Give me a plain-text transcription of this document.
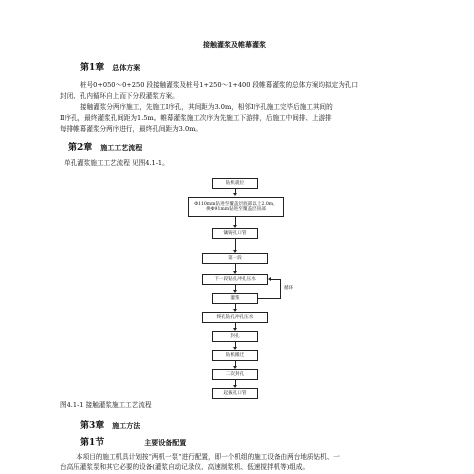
接触灌浆及帷幕灌浆
第1章 总体方案
桩号0+050～0+250 段接触灌浆及桩号1+250～1+400 段帷幕灌浆的总体方案均拟定为孔口
封闭、孔内循环自上而下分段灌浆方案。
接触灌浆分两序施工，先施工Ⅰ序孔，其间距为3.0m，相邻Ⅰ序孔施工完毕后施工其间的
Ⅱ序孔，最终灌浆孔间距为1.5m。帷幕灌浆施工次序为先施工下游排，后施工中间排、上游排
每排帷幕灌浆分两序进行，最终孔间距为3.0m。
第2章 施工工艺流程
单孔灌浆施工工艺流程 见图4.1-1。
钻机就位
Φ110mm钻进至覆盖层底部以上2.0m，
换Φ91mm钻进至覆盖层顶部
镶铸孔口管
第一段
下一段钻孔冲孔压水
灌浆
循环
终孔钻孔冲孔压水
封孔
钻机搬迁
二次封孔
起拔孔口管
图4.1-1 接触灌浆施工工艺流程
第3章 施工方法
第1节	主要设备配置
本项目的施工机具计划按“两机一泵”进行配置，即一个机组的施工设备由两台地质钻机、一
台高压灌浆泵和其它必要的设备(灌浆自动记录仪、高速制浆机、低速搅拌机等)组成。
